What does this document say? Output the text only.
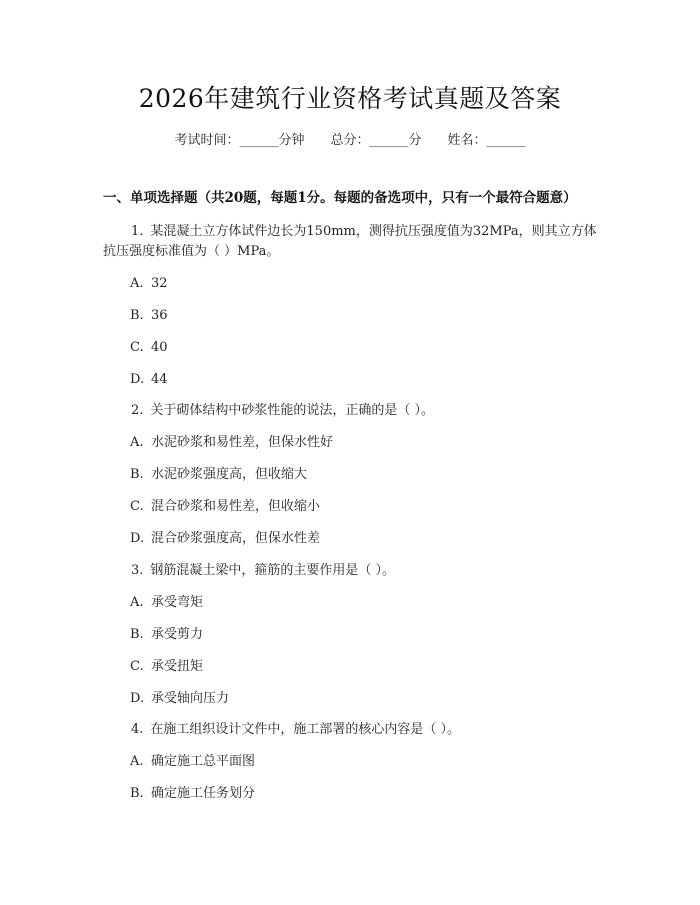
2026年建筑行业资格考试真题及答案
考试时间：______分钟 总分：______分 姓名：______
一、单项选择题（共20题，每题1分。每题的备选项中，只有一个最符合题意）
1. 某混凝土立方体试件边长为150mm，测得抗压强度值为32MPa，则其立方体抗压强度标准值为（ ）MPa。
A. 32
B. 36
C. 40
D. 44
2. 关于砌体结构中砂浆性能的说法，正确的是（ ）。
A. 水泥砂浆和易性差，但保水性好
B. 水泥砂浆强度高，但收缩大
C. 混合砂浆和易性差，但收缩小
D. 混合砂浆强度高，但保水性差
3. 钢筋混凝土梁中，箍筋的主要作用是（ ）。
A. 承受弯矩
B. 承受剪力
C. 承受扭矩
D. 承受轴向压力
4. 在施工组织设计文件中，施工部署的核心内容是（ ）。
A. 确定施工总平面图
B. 确定施工任务划分
